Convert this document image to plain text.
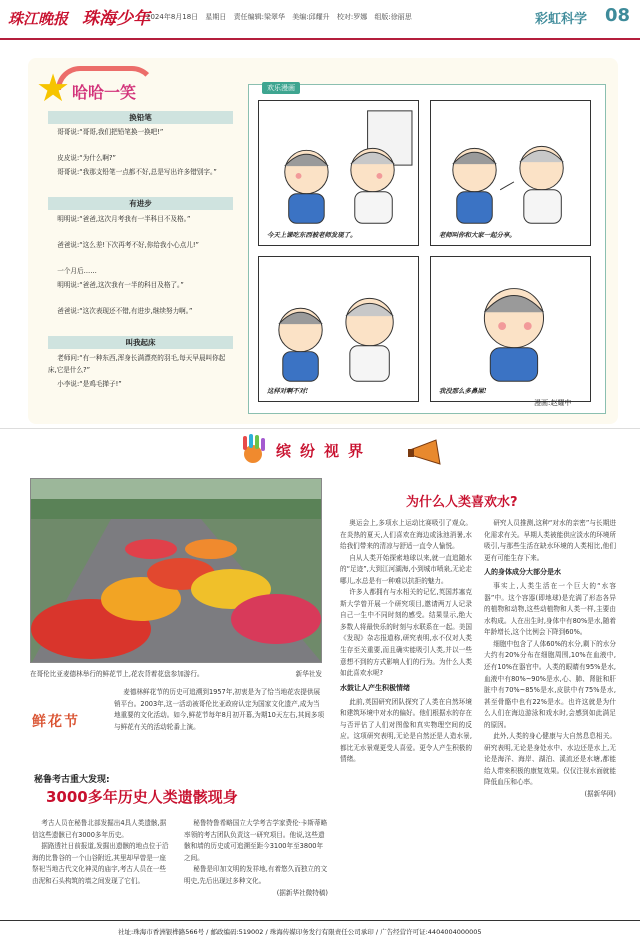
珠江晚报 珠海少年
2024年8月18日 星期日 责任编辑:梁翠华 美编:邱耀升 校对:罗娜 组版:徐丽思	彩虹科学 08
★ 哈哈一笑
换铅笔
哥哥说:“哥哥,我们把铅笔换一换吧!”
皮皮说:“为什么啊?”
哥哥说:“我那支铅笔一点都不好,总是写出许多错别字。”
有进步
明明说:“爸爸,这次月考我有一半科目不及格。”
爸爸说:“这么差!下次再考不好,你给我小心点儿!”
一个月后……
明明说:“爸爸,这次我有一半的科目及格了。”
爸爸说:“这次表现还不错,有进步,继续努力啊。”
叫我起床
老师问:“有一种东西,浑身长满漂亮的羽毛,每天早晨叫你起床,它是什么?”
小李说:“是鸡毛掸子!”
欢乐漫画
今天上课吃东西被老师发现了。	老师叫你和大家一起分享。
这样对啊不对!	我没那么多鼻屎!
漫画:赵耀中
缤纷视界
在哥伦比亚麦德林举行的鲜花节上,花农背着花盘参加游行。	新华社发
鲜花节
麦德林鲜花节的历史可追溯到1957年,初衷是为了恰当地花农提供展销平台。2003年,这一活动被哥伦比亚政府认定为国家文化遗产,成为当地重要的文化活动。如今,鲜花节每年8月初开幕,为期10天左右,其间多项与鲜花有关的活动轮番上演。
秘鲁考古重大发现:
3000多年历史人类遗骸现身

考古人员在秘鲁北部发掘出4具人类遗骸,据信这些遗骸已有3000多年历史。

据路透社日前报道,发掘出遗骸的地点位于沿海的比鲁谷的一个山谷附近,其里却早曾是一座祭祀当地古代文化神灵的庙宇,考古人员在一些由泥和石头构筑的墙之间发现了它们。

秘鲁特鲁希略国立大学考古学家费伦·卡斯蒂略率领的考古团队负责这一研究项目。他说,这些遗骸和墙的历史或可追溯至距今3100年至3800年之间。

秘鲁是印加文明的发祥地,有着悠久而独立的文明史,先后出现过多种文化。

(据新华社微特稿)

为什么人类喜欢水?

奥运会上,多项水上运动比赛吸引了观众。在炎热的夏天,人们喜欢在海边或泳池消暑,水给我们带来的清凉与舒适一直令人愉悦。

自从人类开始探索地球以来,就一直追随水的“足迹”,大到江河湖海,小到城市喷泉,无论走哪儿,水总是有一种难以抗拒的魅力。

许多人都拥有与水相关的记忆,英国苏塞克斯大学曾开展一个研究项目,邀请两万人记录自己一生中不同时刻的感受。结果显示,绝大多数人将最快乐的时刻与水联系在一起。美国《发现》杂志报道称,研究表明,水不仅对人类生存至关重要,而且确实能吸引人类,并以一些意想不到的方式影响人们的行为。为什么人类如此喜欢水呢?

水鼓让人产生积极情绪

此前,英国研究团队探究了人类在自然环境和建筑环境中对水的偏好。他们根据水的存在与否评估了人们对图像和真实物理空间的反应。这项研究表明,无论是自然还是人造水景,都比无水景观更受人喜爱。更令人产生积极的情绪。

研究人员推测,这种“对水的亲密”与长期进化需求有关。早期人类被能供应淡水的环境所吸引,与那些生活在缺水环境的人类相比,他们更有可能生存下来。

人的身体成分大部分是水

事实上,人类生活在一个巨大的“水容器”中。这个容器(即地球)是充满了形态各异的植物和动物,这些动植物和人类一样,主要由水构成。人在出生时,身体中有80%是水,随着年龄增长,这个比例会下降到60%。

细胞中包含了人体60%的水分,剩下的水分大约有20%分布在细胞周围,10%在血液中,还有10%在器官中。人类的眼睛有95%是水,血液中有80%~90%是水,心、肺、肾脏和肝脏中有70%~85%是水,皮肤中有75%是水,甚至骨骼中也有22%是水。也许这就是为什么人们在海边游泳和戏水时,会感到如此满足的原因。

此外,人类的身心健康与大自然息息相关。研究表明,无论是身处水中、水边还是水上,无论是海洋、海岸、湖泊、溪流还是水塘,都能给人带来积极的康复效果。仅仅注视水面就能降低血压和心率。

(据新华网)

社址:珠海市香洲银桦路566号 / 邮政编码:519002 / 珠海传媒印务发行有限责任公司承印 / 广告经营许可证:4404004000005
